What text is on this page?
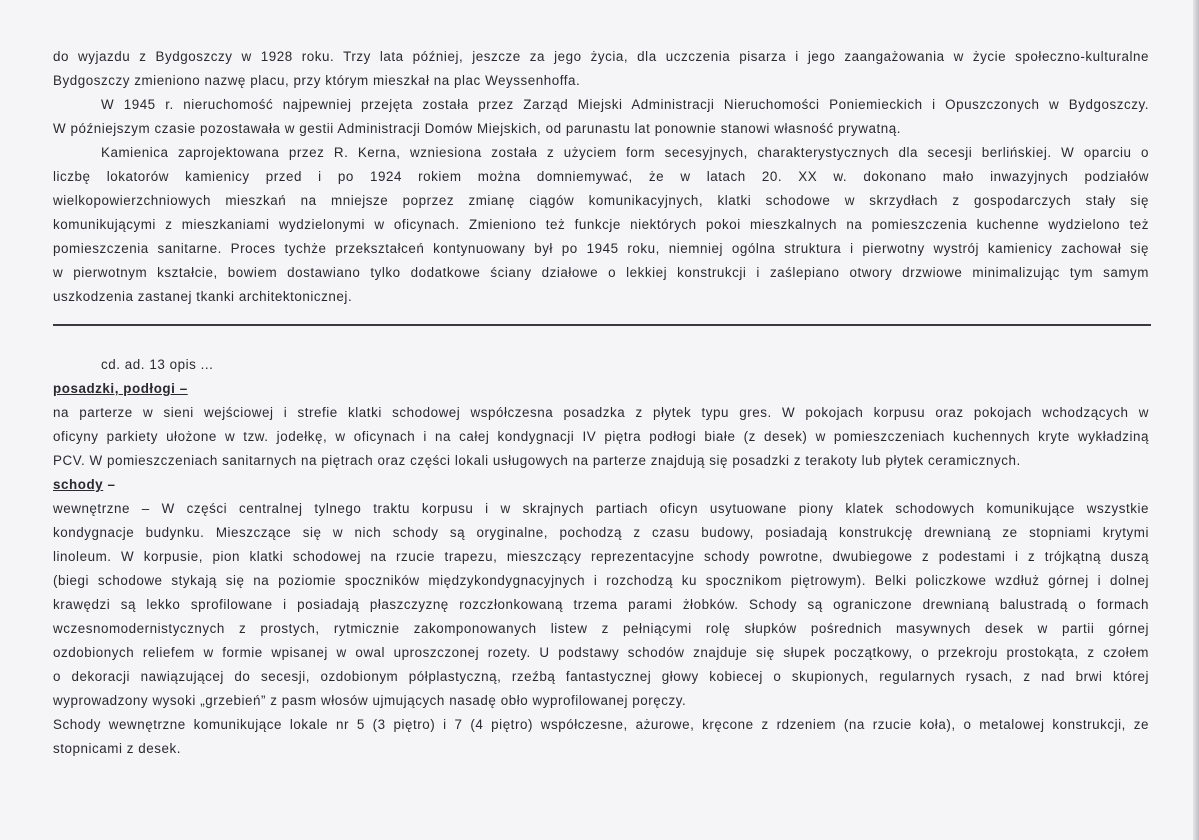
do wyjazdu z Bydgoszczy w 1928 roku. Trzy lata później, jeszcze za jego życia, dla uczczenia pisarza i jego zaangażowania w życie społeczno-kulturalne
Bydgoszczy zmieniono nazwę placu, przy którym mieszkał na plac Weyssenhoffa.
W 1945 r. nieruchomość najpewniej przejęta została przez Zarząd Miejski Administracji Nieruchomości Poniemieckich i Opuszczonych w Bydgoszczy.
W późniejszym czasie pozostawała w gestii Administracji Domów Miejskich, od parunastu lat ponownie stanowi własność prywatną.
Kamienica zaprojektowana przez R. Kerna, wzniesiona została z użyciem form secesyjnych, charakterystycznych dla secesji berlińskiej. W oparciu o
liczbę lokatorów kamienicy przed i po 1924 rokiem można domniemywać, że w latach 20. XX w. dokonano mało inwazyjnych podziałów
wielkopowierzchniowych mieszkań na mniejsze poprzez zmianę ciągów komunikacyjnych, klatki schodowe w skrzydłach z gospodarczych stały się
komunikującymi z mieszkaniami wydzielonymi w oficynach. Zmieniono też funkcje niektórych pokoi mieszkalnych na pomieszczenia kuchenne wydzielono też
pomieszczenia sanitarne. Proces tychże przekształceń kontynuowany był po 1945 roku, niemniej ogólna struktura i pierwotny wystrój kamienicy zachował się
w pierwotnym kształcie, bowiem dostawiano tylko dodatkowe ściany działowe o lekkiej konstrukcji i zaślepiano otwory drzwiowe minimalizując tym samym
uszkodzenia zastanej tkanki architektonicznej.
cd. ad. 13 opis ...
posadzki, podłogi –
na parterze w sieni wejściowej i strefie klatki schodowej współczesna posadzka z płytek typu gres. W pokojach korpusu oraz pokojach wchodzących w
oficyny parkiety ułożone w tzw. jodełkę, w oficynach i na całej kondygnacji IV piętra podłogi białe (z desek) w pomieszczeniach kuchennych kryte wykładziną
PCV. W pomieszczeniach sanitarnych na piętrach oraz części lokali usługowych na parterze znajdują się posadzki z terakoty lub płytek ceramicznych.
schody –
wewnętrzne – W części centralnej tylnego traktu korpusu i w skrajnych partiach oficyn usytuowane piony klatek schodowych komunikujące wszystkie
kondygnacje budynku. Mieszczące się w nich schody są oryginalne, pochodzą z czasu budowy, posiadają konstrukcję drewnianą ze stopniami krytymi
linoleum. W korpusie, pion klatki schodowej na rzucie trapezu, mieszczący reprezentacyjne schody powrotne, dwubiegowe z podestami i z trójkątną duszą
(biegi schodowe stykają się na poziomie spoczników międzykondygnacyjnych i rozchodzą ku spocznikom piętrowym). Belki policzkowe wzdłuż górnej i dolnej
krawędzi są lekko sprofilowane i posiadają płaszczyznę rozczłonkowaną trzema parami żłobków. Schody są ograniczone drewnianą balustradą o formach
wczesnomodernistycznych z prostych, rytmicznie zakomponowanych listew z pełniącymi rolę słupków pośrednich masywnych desek w partii górnej
ozdobionych reliefem w formie wpisanej w owal uproszczonej rozety. U podstawy schodów znajduje się słupek początkowy, o przekroju prostokąta, z czołem
o dekoracji nawiązującej do secesji, ozdobionym półplastyczną, rzeźbą fantastycznej głowy kobiecej o skupionych, regularnych rysach, z nad brwi której
wyprowadzony wysoki „grzebień” z pasm włosów ujmujących nasadę obło wyprofilowanej poręczy.
Schody wewnętrzne komunikujące lokale nr 5 (3 piętro) i 7 (4 piętro) współczesne, ażurowe, kręcone z rdzeniem (na rzucie koła), o metalowej konstrukcji, ze
stopnicami z desek.
